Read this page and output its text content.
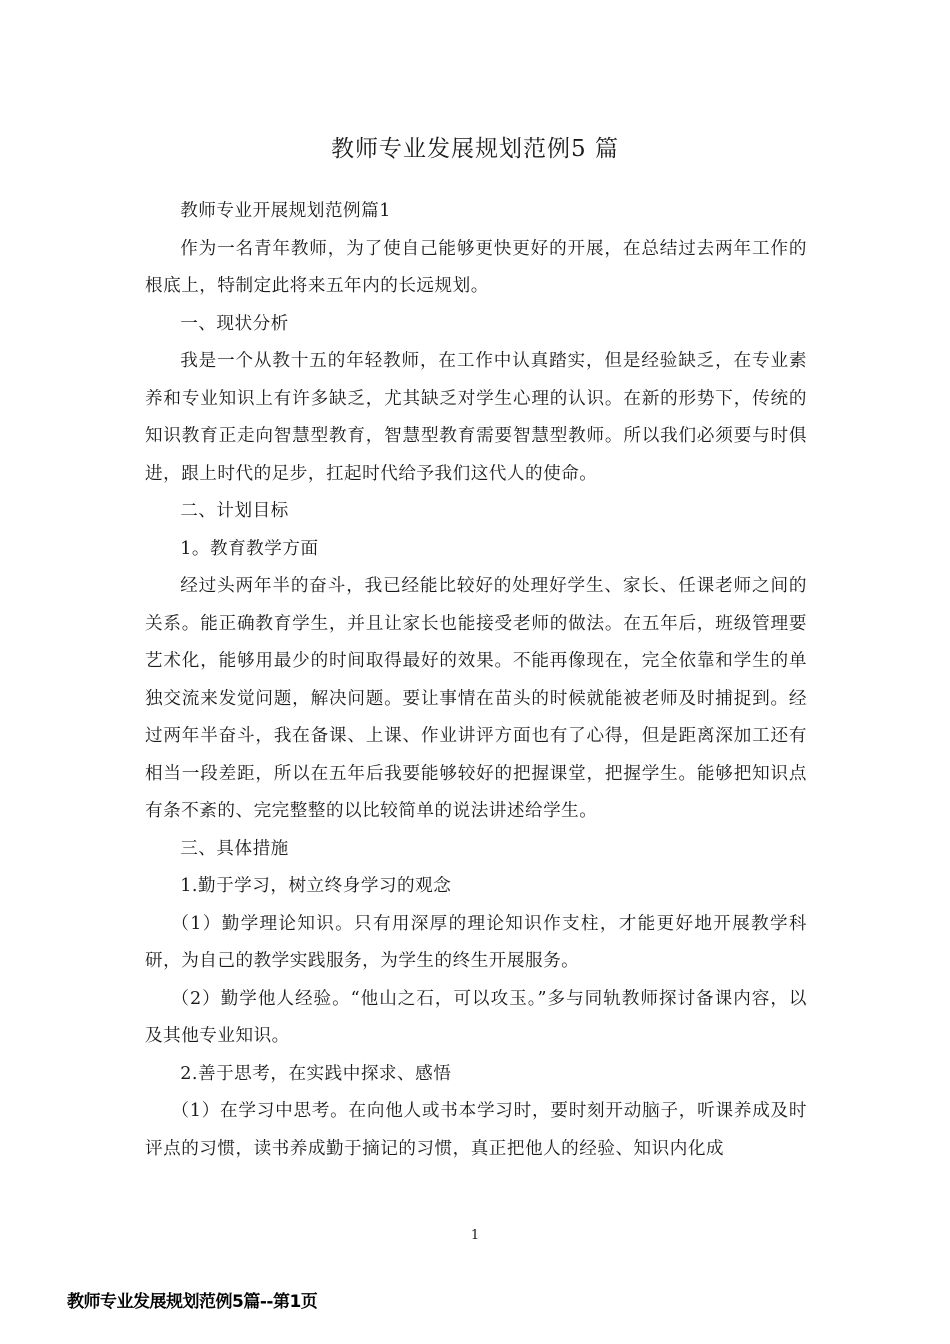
教师专业发展规划范例5 篇

教师专业开展规划范例篇1

作为一名青年教师，为了使自己能够更快更好的开展，在总结过去两年工作的根底上，特制定此将来五年内的长远规划。

一、现状分析

我是一个从教十五的年轻教师，在工作中认真踏实，但是经验缺乏，在专业素养和专业知识上有许多缺乏，尤其缺乏对学生心理的认识。在新的形势下，传统的知识教育正走向智慧型教育，智慧型教育需要智慧型教师。所以我们必须要与时俱进，跟上时代的足步，扛起时代给予我们这代人的使命。

二、计划目标

1。教育教学方面

经过头两年半的奋斗，我已经能比较好的处理好学生、家长、任课老师之间的关系。能正确教育学生，并且让家长也能接受老师的做法。在五年后，班级管理要艺术化，能够用最少的时间取得最好的效果。不能再像现在，完全依靠和学生的单独交流来发觉问题，解决问题。要让事情在苗头的时候就能被老师及时捕捉到。经过两年半奋斗，我在备课、上课、作业讲评方面也有了心得，但是距离深加工还有相当一段差距，所以在五年后我要能够较好的把握课堂，把握学生。能够把知识点有条不紊的、完完整整的以比较简单的说法讲述给学生。

三、具体措施

1.勤于学习，树立终身学习的观念

（1）勤学理论知识。只有用深厚的理论知识作支柱，才能更好地开展教学科研，为自己的教学实践服务，为学生的终生开展服务。

（2）勤学他人经验。“他山之石，可以攻玉。”多与同轨教师探讨备课内容，以及其他专业知识。

2.善于思考，在实践中探求、感悟

（1）在学习中思考。在向他人或书本学习时，要时刻开动脑子，听课养成及时评点的习惯，读书养成勤于摘记的习惯，真正把他人的经验、知识内化成

1
教师专业发展规划范例5篇--第1页
